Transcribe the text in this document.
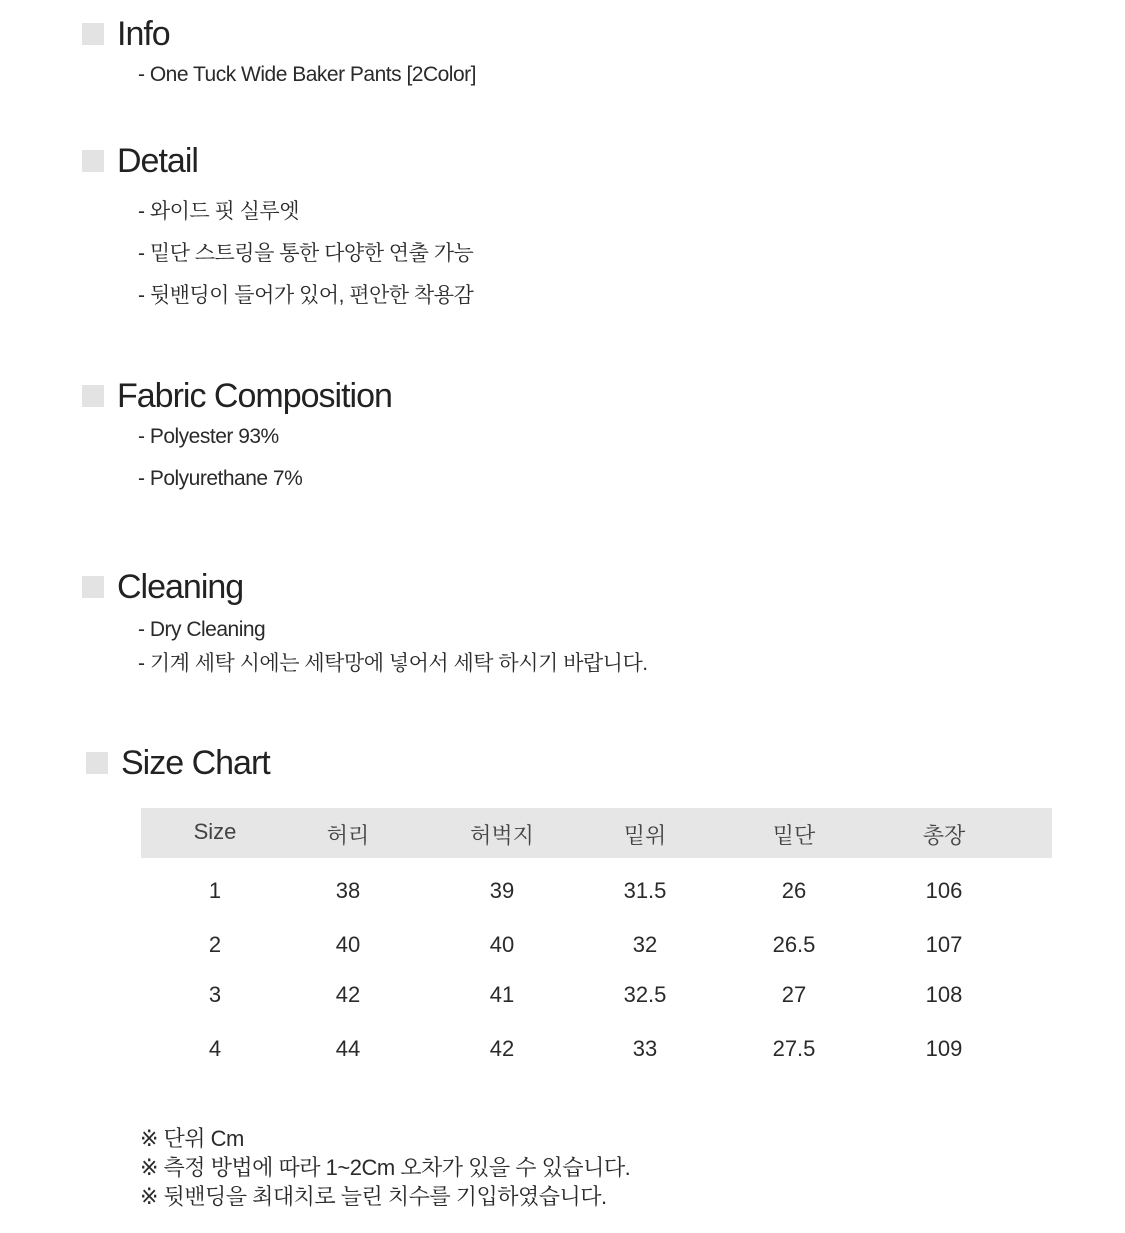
Info
- One Tuck Wide Baker Pants [2Color]
Detail
- 와이드 핏 실루엣
- 밑단 스트링을 통한 다양한 연출 가능
- 뒷밴딩이 들어가 있어, 편안한 착용감
Fabric Composition
- Polyester 93%
- Polyurethane 7%
Cleaning
- Dry Cleaning
- 기계 세탁 시에는 세탁망에 넣어서 세탁 하시기 바랍니다.
Size Chart
Size	허리	허벅지	밑위	밑단	총장
1	38	39	31.5	26	106
2	40	40	32	26.5	107
3	42	41	32.5	27	108
4	44	42	33	27.5	109
※ 단위 Cm
※ 측정 방법에 따라 1~2Cm 오차가 있을 수 있습니다.
※ 뒷밴딩을 최대치로 늘린 치수를 기입하였습니다.
